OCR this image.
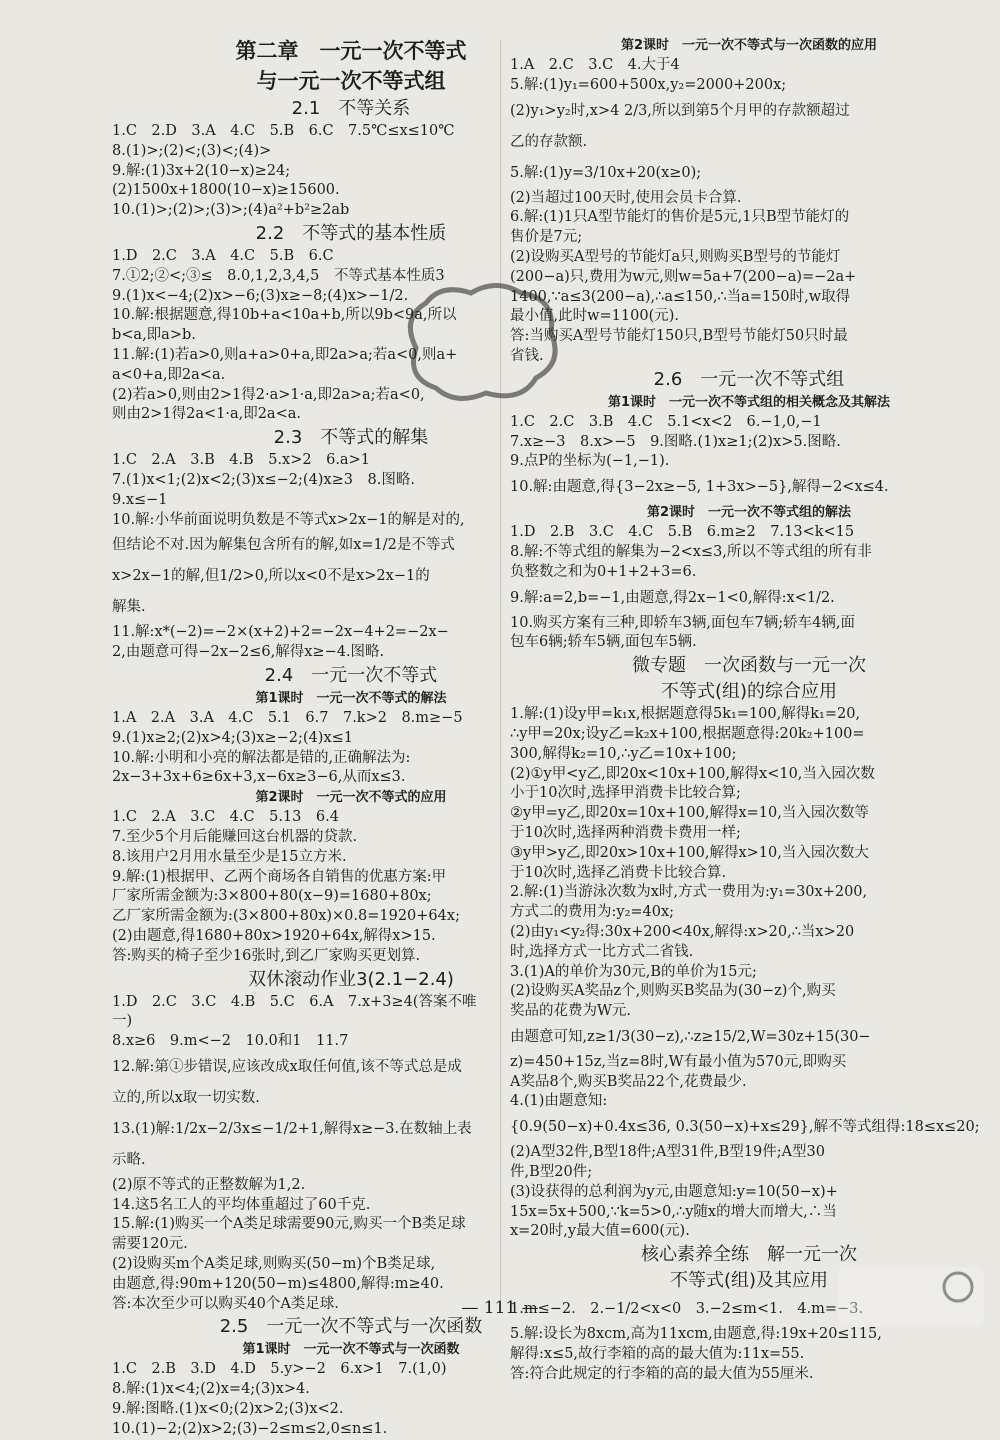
第二章　一元一次不等式
与一元一次不等式组
2.1　不等关系
1.C　2.D　3.A　4.C　5.B　6.C　7.5℃≤x≤10℃
8.(1)>;(2)<;(3)<;(4)>
9.解:(1)3x+2(10−x)≥24;
(2)1500x+1800(10−x)≥15600.
10.(1)>;(2)>;(3)>;(4)a²+b²≥2ab
2.2　不等式的基本性质
1.D　2.C　3.A　4.C　5.B　6.C
7.①2;②<;③≤　8.0,1,2,3,4,5　不等式基本性质3
9.(1)x<−4;(2)x>−6;(3)x≥−8;(4)x>−1/2.
10.解:根据题意,得10b+a<10a+b,所以9b<9a,所以
b<a,即a>b.
11.解:(1)若a>0,则a+a>0+a,即2a>a;若a<0,则a+
a<0+a,即2a<a.
(2)若a>0,则由2>1得2·a>1·a,即2a>a;若a<0,
则由2>1得2a<1·a,即2a<a.
2.3　不等式的解集
1.C　2.A　3.B　4.B　5.x>2　6.a>1
7.(1)x<1;(2)x<2;(3)x≤−2;(4)x≥3　8.图略.
9.x≤−1
10.解:小华前面说明负数是不等式x>2x−1的解是对的,
但结论不对.因为解集包含所有的解,如x=1/2是不等式
x>2x−1的解,但1/2>0,所以x<0不是x>2x−1的
解集.
11.解:x*(−2)=−2×(x+2)+2=−2x−4+2=−2x−
2,由题意可得−2x−2≤6,解得x≥−4.图略.
2.4　一元一次不等式
第1课时　一元一次不等式的解法
1.A　2.A　3.A　4.C　5.1　6.7　7.k>2　8.m≥−5
9.(1)x≥2;(2)x>4;(3)x≥−2;(4)x≤1
10.解:小明和小亮的解法都是错的,正确解法为:
2x−3+3x+6≥6x+3,x−6x≥3−6,从而x≤3.
第2课时　一元一次不等式的应用
1.C　2.A　3.C　4.C　5.13　6.4
7.至少5个月后能赚回这台机器的贷款.
8.该用户2月用水量至少是15立方米.
9.解:(1)根据甲、乙两个商场各自销售的优惠方案:甲
厂家所需金额为:3×800+80(x−9)=1680+80x;
乙厂家所需金额为:(3×800+80x)×0.8=1920+64x;
(2)由题意,得1680+80x>1920+64x,解得x>15.
答:购买的椅子至少16张时,到乙厂家购买更划算.
双休滚动作业3(2.1−2.4)
1.D　2.C　3.C　4.B　5.C　6.A　7.x+3≥4(答案不唯
一)
8.x≥6　9.m<−2　10.0和1　11.7
12.解:第①步错误,应该改成x取任何值,该不等式总是成
立的,所以x取一切实数.
13.(1)解:1/2x−2/3x≤−1/2+1,解得x≥−3.在数轴上表
示略.
(2)原不等式的正整数解为1,2.
14.这5名工人的平均体重超过了60千克.
15.解:(1)购买一个A类足球需要90元,购买一个B类足球
需要120元.
(2)设购买m个A类足球,则购买(50−m)个B类足球,
由题意,得:90m+120(50−m)≤4800,解得:m≥40.
答:本次至少可以购买40个A类足球.
2.5　一元一次不等式与一次函数
第1课时　一元一次不等式与一次函数
1.C　2.B　3.D　4.D　5.y>−2　6.x>1　7.(1,0)
8.解:(1)x<4;(2)x=4;(3)x>4.
9.解:图略.(1)x<0;(2)x>2;(3)x<2.
10.(1)−2;(2)x>2;(3)−2≤m≤2,0≤n≤1.
第2课时　一元一次不等式与一次函数的应用
1.A　2.C　3.C　4.大于4
5.解:(1)y₁=600+500x,y₂=2000+200x;
(2)y₁>y₂时,x>4 2/3,所以到第5个月甲的存款额超过
乙的存款额.
5.解:(1)y=3/10x+20(x≥0);
(2)当超过100天时,使用会员卡合算.
6.解:(1)1只A型节能灯的售价是5元,1只B型节能灯的
售价是7元;
(2)设购买A型号的节能灯a只,则购买B型号的节能灯
(200−a)只,费用为w元,则w=5a+7(200−a)=−2a+
1400,∵a≤3(200−a),∴a≤150,∴当a=150时,w取得
最小值,此时w=1100(元).
答:当购买A型号节能灯150只,B型号节能灯50只时最
省钱.
2.6　一元一次不等式组
第1课时　一元一次不等式组的相关概念及其解法
1.C　2.C　3.B　4.C　5.1<x<2　6.−1,0,−1
7.x≥−3　8.x>−5　9.图略.(1)x≥1;(2)x>5.图略.
9.点P的坐标为(−1,−1).
10.解:由题意,得{3−2x≥−5, 1+3x>−5},解得−2<x≤4.
第2课时　一元一次不等式组的解法
1.D　2.B　3.C　4.C　5.B　6.m≥2　7.13<k<15
8.解:不等式组的解集为−2<x≤3,所以不等式组的所有非
负整数之和为0+1+2+3=6.
9.解:a=2,b=−1,由题意,得2x−1<0,解得:x<1/2.
10.购买方案有三种,即轿车3辆,面包车7辆;轿车4辆,面
包车6辆;轿车5辆,面包车5辆.
微专题　一次函数与一元一次
不等式(组)的综合应用
1.解:(1)设y甲=k₁x,根据题意得5k₁=100,解得k₁=20,
∴y甲=20x;设y乙=k₂x+100,根据题意得:20k₂+100=
300,解得k₂=10,∴y乙=10x+100;
(2)①y甲<y乙,即20x<10x+100,解得x<10,当入园次数
小于10次时,选择甲消费卡比较合算;
②y甲=y乙,即20x=10x+100,解得x=10,当入园次数等
于10次时,选择两种消费卡费用一样;
③y甲>y乙,即20x>10x+100,解得x>10,当入园次数大
于10次时,选择乙消费卡比较合算.
2.解:(1)当游泳次数为x时,方式一费用为:y₁=30x+200,
方式二的费用为:y₂=40x;
(2)由y₁<y₂得:30x+200<40x,解得:x>20,∴当x>20
时,选择方式一比方式二省钱.
3.(1)A的单价为30元,B的单价为15元;
(2)设购买A奖品z个,则购买B奖品为(30−z)个,购买
奖品的花费为W元.
由题意可知,z≥1/3(30−z),∴z≥15/2,W=30z+15(30−
z)=450+15z,当z=8时,W有最小值为570元,即购买
A奖品8个,购买B奖品22个,花费最少.
4.(1)由题意知:
{0.9(50−x)+0.4x≤36, 0.3(50−x)+x≤29},解不等式组得:18≤x≤20;
(2)A型32件,B型18件;A型31件,B型19件;A型30
件,B型20件;
(3)设获得的总利润为y元,由题意知:y=10(50−x)+
15x=5x+500,∵k=5>0,∴y随x的增大而增大,∴当
x=20时,y最大值=600(元).
核心素养全练　解一元一次
不等式(组)及其应用
1.m≤−2.　2.−1/2<x<0　3.−2≤m<1.　4.m=−3.
5.解:设长为8xcm,高为11xcm,由题意,得:19x+20≤115,
解得:x≤5,故行李箱的高的最大值为:11x=55.
答:符合此规定的行李箱的高的最大值为55厘米.
— 111 —
